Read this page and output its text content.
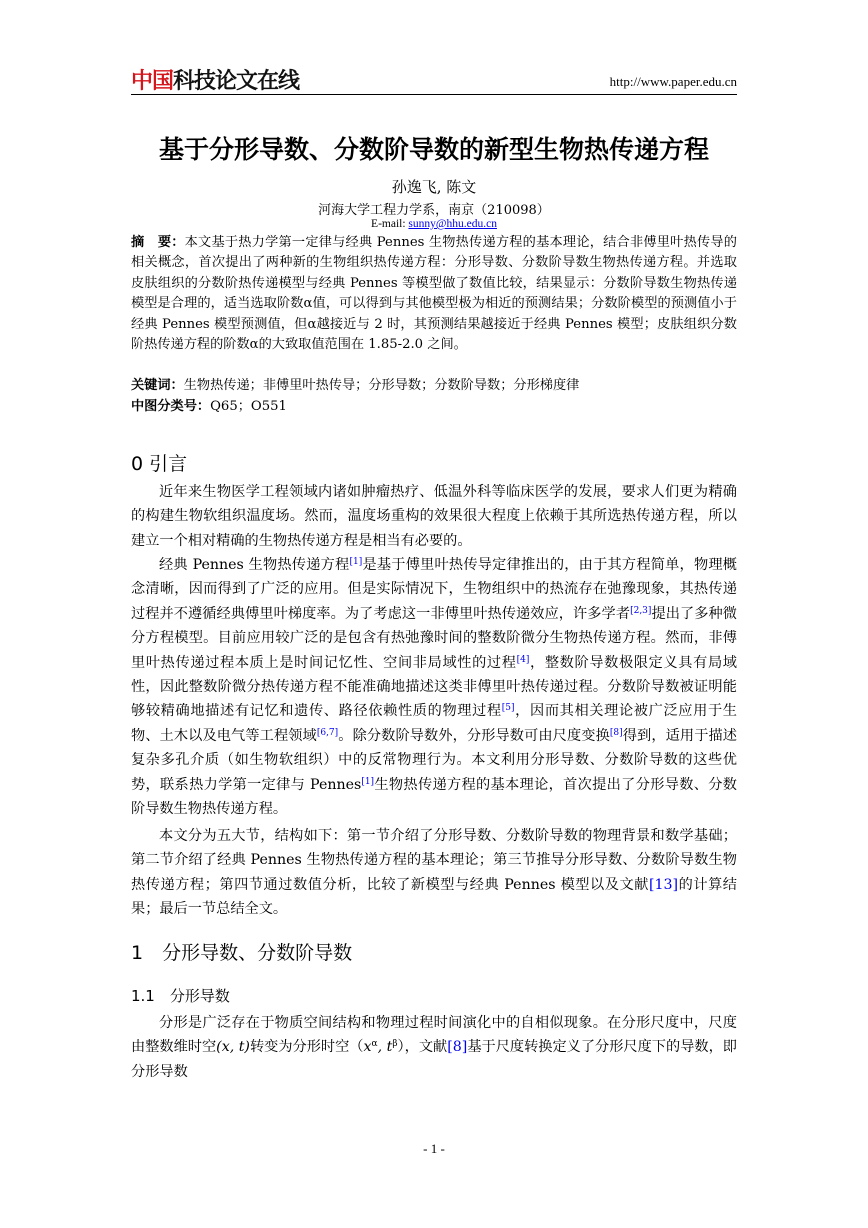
中国科技论文在线	http://www.paper.edu.cn
基于分形导数、分数阶导数的新型生物热传递方程
孙逸飞, 陈文
河海大学工程力学系，南京（210098）
E-mail: sunny@hhu.edu.cn
摘　要：本文基于热力学第一定律与经典 Pennes 生物热传递方程的基本理论，结合非傅里叶热传导的相关概念，首次提出了两种新的生物组织热传递方程：分形导数、分数阶导数生物热传递方程。并选取皮肤组织的分数阶热传递模型与经典 Pennes 等模型做了数值比较，结果显示：分数阶导数生物热传递模型是合理的，适当选取阶数α值，可以得到与其他模型极为相近的预测结果；分数阶模型的预测值小于经典 Pennes 模型预测值，但α越接近与 2 时，其预测结果越接近于经典 Pennes 模型；皮肤组织分数阶热传递方程的阶数α的大致取值范围在 1.85-2.0 之间。
关键词：生物热传递；非傅里叶热传导；分形导数；分数阶导数；分形梯度律
中图分类号：Q65；O551
0 引言
近年来生物医学工程领域内诸如肿瘤热疗、低温外科等临床医学的发展，要求人们更为精确的构建生物软组织温度场。然而，温度场重构的效果很大程度上依赖于其所选热传递方程，所以建立一个相对精确的生物热传递方程是相当有必要的。
经典 Pennes 生物热传递方程[1]是基于傅里叶热传导定律推出的，由于其方程简单，物理概念清晰，因而得到了广泛的应用。但是实际情况下，生物组织中的热流存在弛豫现象，其热传递过程并不遵循经典傅里叶梯度率。为了考虑这一非傅里叶热传递效应，许多学者[2,3]提出了多种微分方程模型。目前应用较广泛的是包含有热弛豫时间的整数阶微分生物热传递方程。然而，非傅里叶热传递过程本质上是时间记忆性、空间非局域性的过程[4]，整数阶导数极限定义具有局域性，因此整数阶微分热传递方程不能准确地描述这类非傅里叶热传递过程。分数阶导数被证明能够较精确地描述有记忆和遗传、路径依赖性质的物理过程[5]，因而其相关理论被广泛应用于生物、土木以及电气等工程领域[6,7]。除分数阶导数外，分形导数可由尺度变换[8]得到，适用于描述复杂多孔介质（如生物软组织）中的反常物理行为。本文利用分形导数、分数阶导数的这些优势，联系热力学第一定律与 Pennes[1]生物热传递方程的基本理论，首次提出了分形导数、分数阶导数生物热传递方程。
本文分为五大节，结构如下：第一节介绍了分形导数、分数阶导数的物理背景和数学基础；第二节介绍了经典 Pennes 生物热传递方程的基本理论；第三节推导分形导数、分数阶导数生物热传递方程；第四节通过数值分析，比较了新模型与经典 Pennes 模型以及文献[13]的计算结果；最后一节总结全文。
1　分形导数、分数阶导数
1.1　分形导数
分形是广泛存在于物质空间结构和物理过程时间演化中的自相似现象。在分形尺度中，尺度由整数维时空(x, t)转变为分形时空（$x^\alpha$, $t^\beta$），文献[8]基于尺度转换定义了分形尺度下的导数，即分形导数
- 1 -
